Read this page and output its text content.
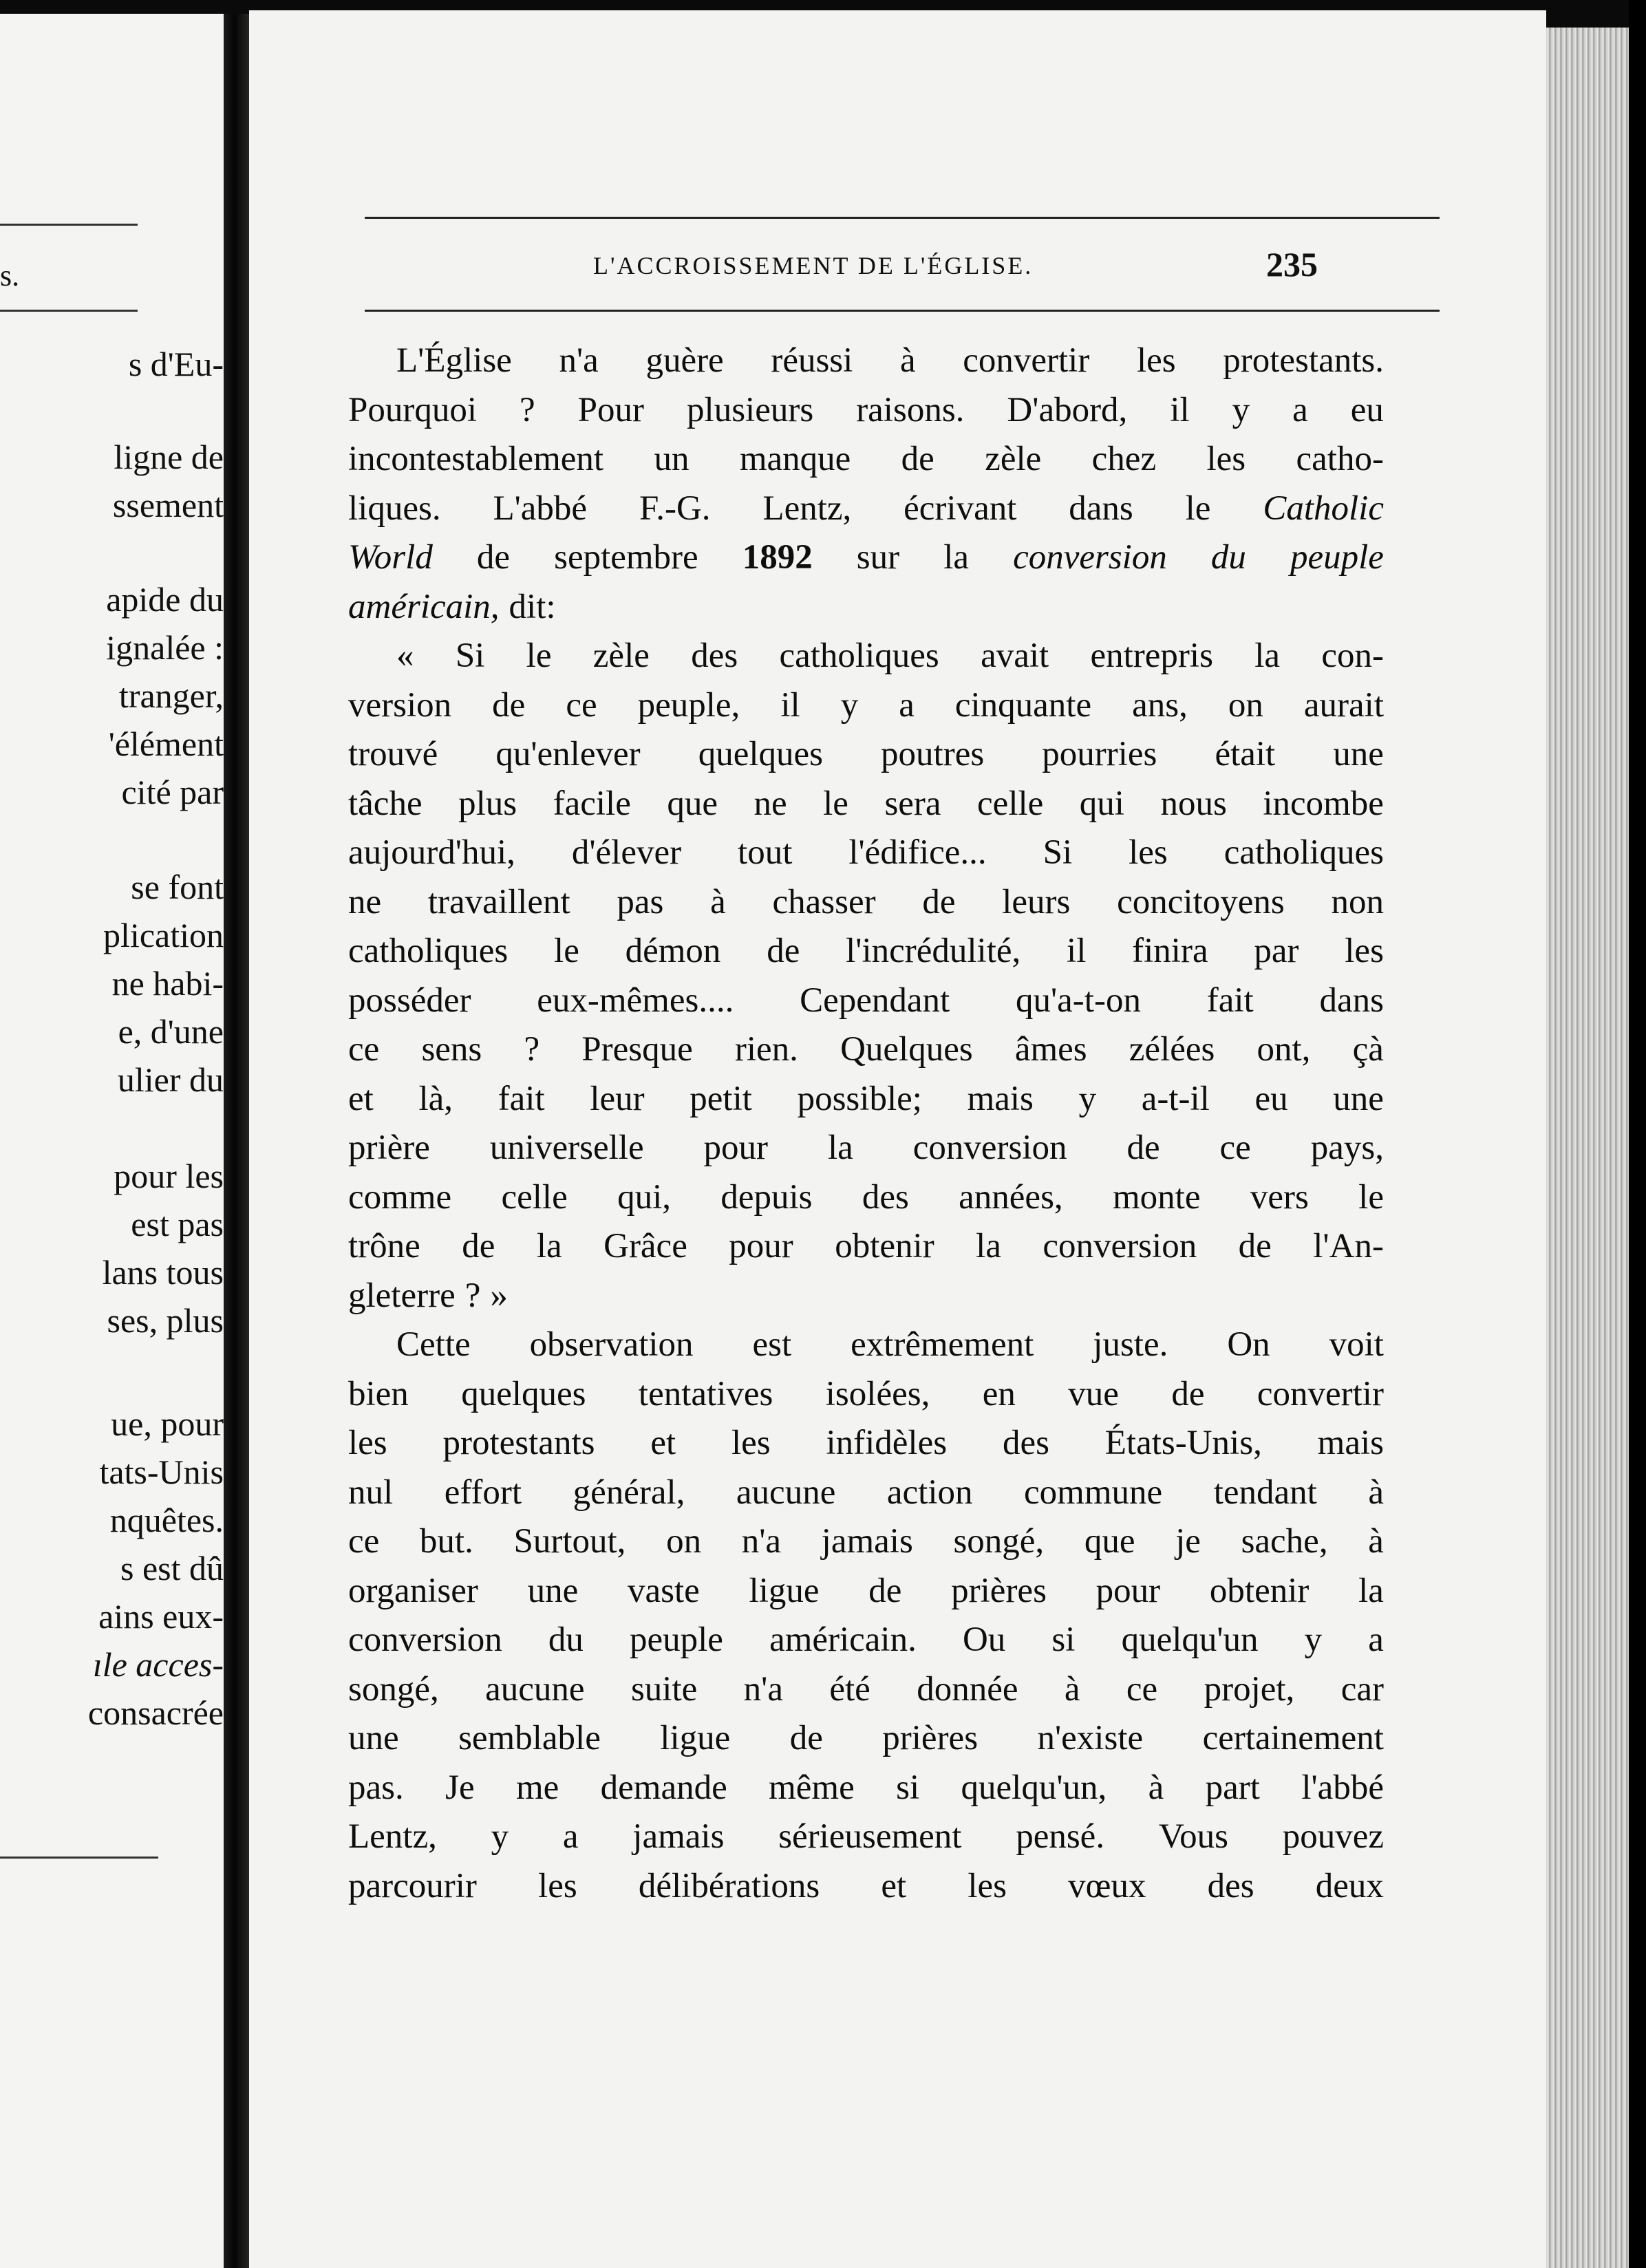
s.
s d'Eu-
ligne de
ssement
apide du
ignalée :
tranger,
'élément
cité par
se font
plication
ne habi-
e, d'une
ulier du
pour les
est pas
lans tous
ses, plus
ue, pour
tats-Unis
nquêtes.
s est dû
ains eux-
ıle acces-
consacrée
L'ACCROISSEMENT DE L'ÉGLISE.	235
L'Église n'a guère réussi à convertir les protestants.
Pourquoi ? Pour plusieurs raisons. D'abord, il y a eu
incontestablement un manque de zèle chez les catho-
liques. L'abbé F.-G. Lentz, écrivant dans le Catholic
World de septembre 1892 sur la conversion du peuple
américain, dit:
« Si le zèle des catholiques avait entrepris la con-
version de ce peuple, il y a cinquante ans, on aurait
trouvé qu'enlever quelques poutres pourries était une
tâche plus facile que ne le sera celle qui nous incombe
aujourd'hui, d'élever tout l'édifice... Si les catholiques
ne travaillent pas à chasser de leurs concitoyens non
catholiques le démon de l'incrédulité, il finira par les
posséder eux-mêmes.... Cependant qu'a-t-on fait dans
ce sens ? Presque rien. Quelques âmes zélées ont, çà
et là, fait leur petit possible; mais y a-t-il eu une
prière universelle pour la conversion de ce pays,
comme celle qui, depuis des années, monte vers le
trône de la Grâce pour obtenir la conversion de l'An-
gleterre ? »
Cette observation est extrêmement juste. On voit
bien quelques tentatives isolées, en vue de convertir
les protestants et les infidèles des États-Unis, mais
nul effort général, aucune action commune tendant à
ce but. Surtout, on n'a jamais songé, que je sache, à
organiser une vaste ligue de prières pour obtenir la
conversion du peuple américain. Ou si quelqu'un y a
songé, aucune suite n'a été donnée à ce projet, car
une semblable ligue de prières n'existe certainement
pas. Je me demande même si quelqu'un, à part l'abbé
Lentz, y a jamais sérieusement pensé. Vous pouvez
parcourir les délibérations et les vœux des deux
